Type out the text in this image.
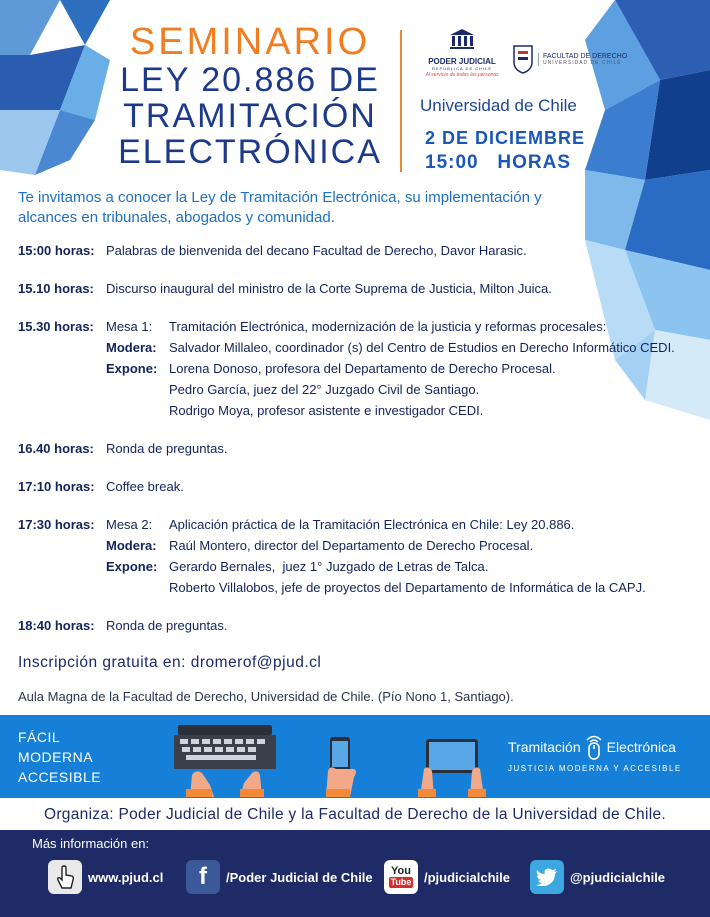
SEMINARIO
LEY 20.886 DE
TRAMITACIÓN
ELECTRÓNICA
PODER JUDICIAL
REPÚBLICA DE CHILE
Al servicio de todas las personas
FACULTAD DE DERECHO
UNIVERSIDAD DE CHILE
Universidad de Chile
2 DE DICIEMBRE
15:00   HORAS
Te invitamos a conocer la Ley de Tramitación Electrónica, su implementación y alcances en tribunales, abogados y comunidad.
15:00 horas: Palabras de bienvenida del decano Facultad de Derecho, Davor Harasic.
15.10 horas: Discurso inaugural del ministro de la Corte Suprema de Justicia, Milton Juica.
15.30 horas: Mesa 1:	Tramitación Electrónica, modernización de la justicia y reformas procesales:
Modera: Salvador Millaleo, coordinador (s) del Centro de Estudios en Derecho Informático CEDI.
Expone: Lorena Donoso, profesora del Departamento de Derecho Procesal.
Pedro García, juez del 22° Juzgado Civil de Santiago.
Rodrigo Moya, profesor asistente e investigador CEDI.
16.40 horas: Ronda de preguntas.
17:10 horas: Coffee break.
17:30 horas: Mesa 2:	Aplicación práctica de la Tramitación Electrónica en Chile: Ley 20.886.
Modera: Raúl Montero, director del Departamento de Derecho Procesal.
Expone: Gerardo Bernales,  juez 1° Juzgado de Letras de Talca.
Roberto Villalobos, jefe de proyectos del Departamento de Informática de la CAPJ.
18:40 horas: Ronda de preguntas.
Inscripción gratuita en: dromerof@pjud.cl
Aula Magna de la Facultad de Derecho, Universidad de Chile. (Pío Nono 1, Santiago).
FÁCIL
MODERNA
ACCESIBLE
Tramitación Electrónica
JUSTICIA MODERNA Y ACCESIBLE
Organiza: Poder Judicial de Chile y la Facultad de Derecho de la Universidad de Chile.
Más información en:
www.pjud.cl f /Poder Judicial de Chile You
Tube /pjudicialchile	@pjudicialchile
